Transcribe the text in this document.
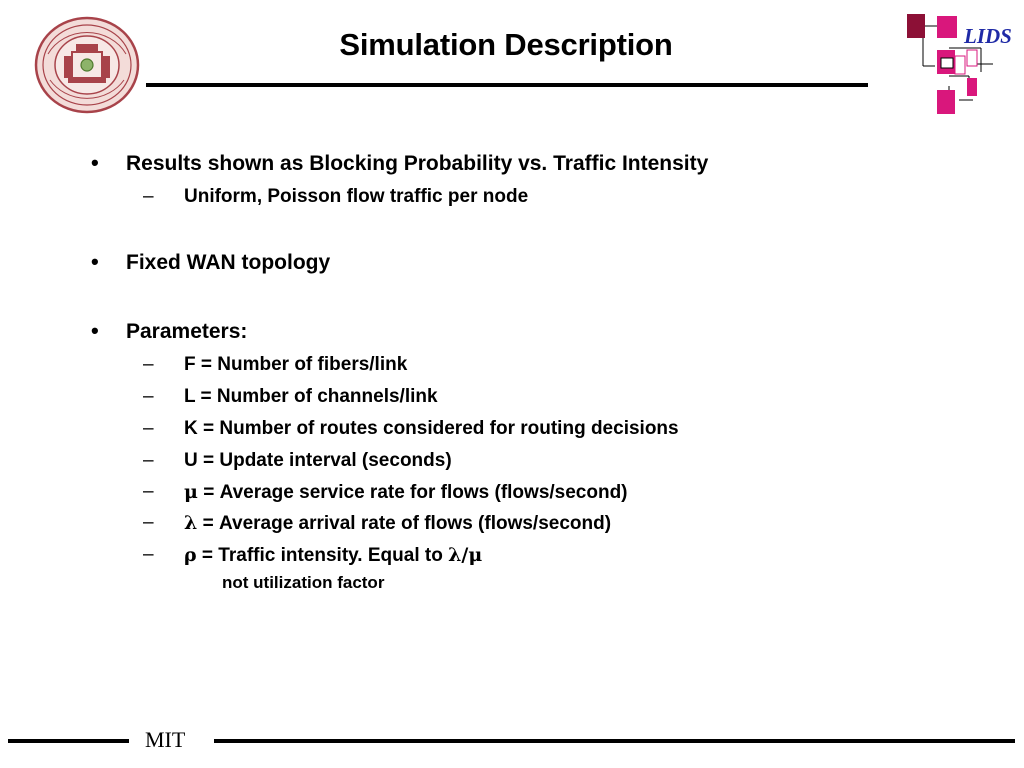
Simulation Description	LIDS
• Results shown as Blocking Probability vs. Traffic Intensity
– Uniform, Poisson flow traffic per node
• Fixed WAN topology
• Parameters:
– F = Number of fibers/link
– L = Number of channels/link
– K = Number of routes considered for routing decisions
– U = Update interval (seconds)
– μ = Average service rate for flows (flows/second)
– λ = Average arrival rate of flows (flows/second)
– ρ = Traffic intensity. Equal to λ/μ
not utilization factor
MIT
